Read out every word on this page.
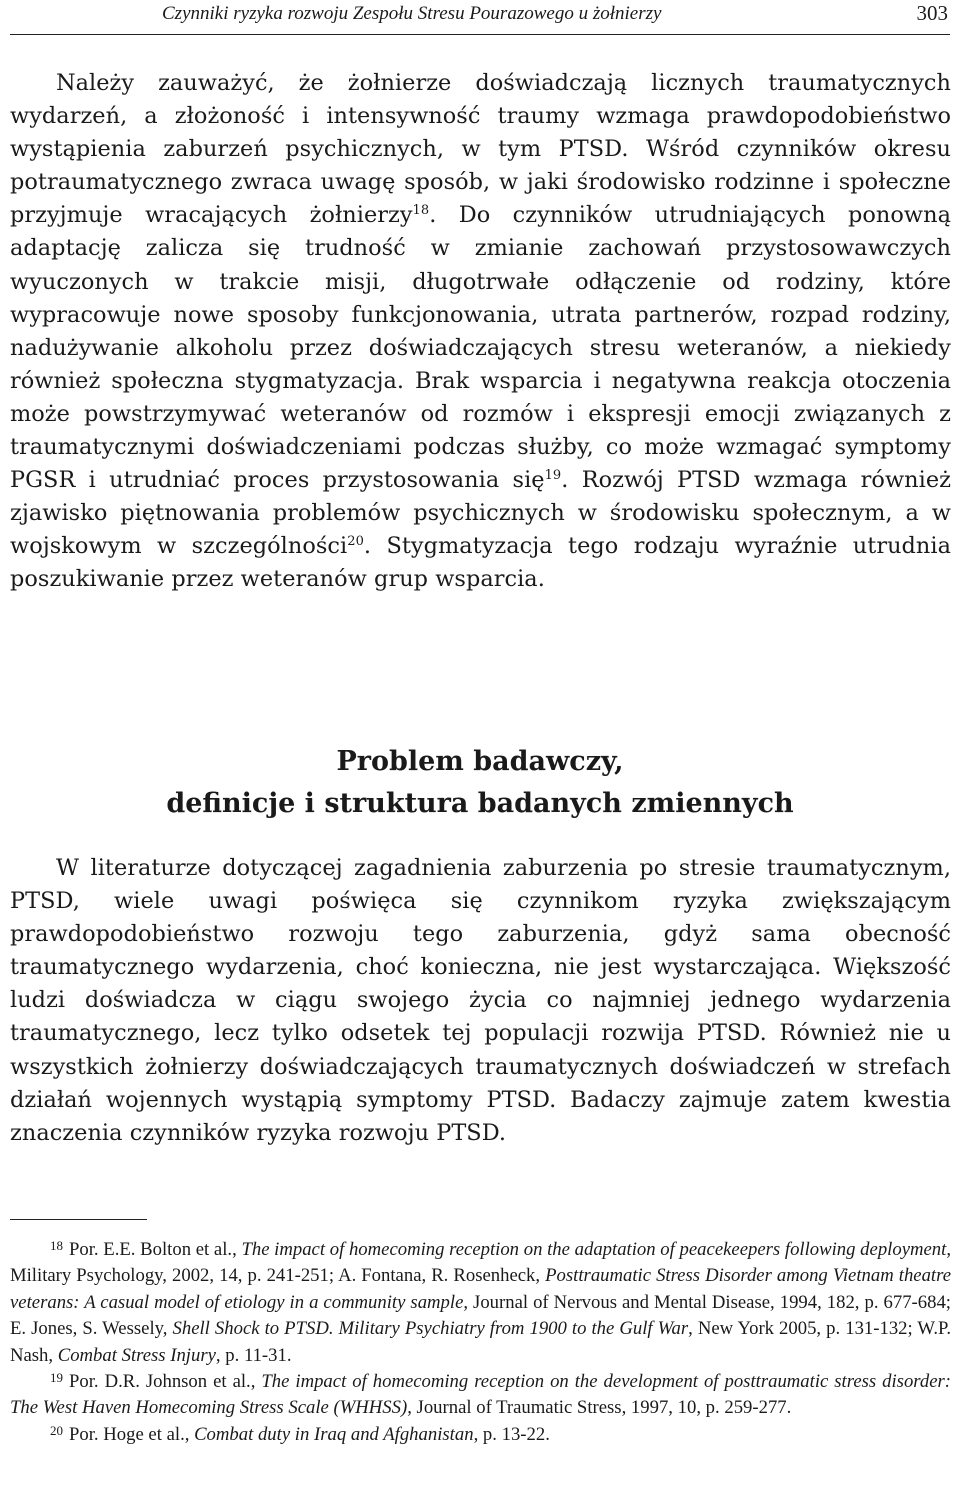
Czynniki ryzyka rozwoju Zespołu Stresu Pourazowego u żołnierzy	303

Należy zauważyć, że żołnierze doświadczają licznych traumatycznych wydarzeń, a złożoność i intensywność traumy wzmaga prawdopodobieństwo wystąpienia zaburzeń psychicznych, w tym PTSD. Wśród czynników okresu potraumatycznego zwraca uwagę sposób, w jaki środowisko rodzinne i społeczne przyjmuje wracających żołnierzy$^{18}$. Do czynników utrudniających ponowną adaptację zalicza się trudność w zmianie zachowań przystosowawczych wyuczonych w trakcie misji, długotrwałe odłączenie od rodziny, które wypracowuje nowe sposoby funkcjonowania, utrata partnerów, rozpad rodziny, nadużywanie alkoholu przez doświadczających stresu weteranów, a niekiedy również społeczna stygmatyzacja. Brak wsparcia i negatywna reakcja otoczenia może powstrzymywać weteranów od rozmów i ekspresji emocji związanych z traumatycznymi doświadczeniami podczas służby, co może wzmagać symptomy PGSR i utrudniać proces przystosowania się$^{19}$. Rozwój PTSD wzmaga również zjawisko piętnowania problemów psychicznych w środowisku społecznym, a w wojskowym w szczególności$^{20}$. Stygmatyzacja tego rodzaju wyraźnie utrudnia poszukiwanie przez weteranów grup wsparcia.

Problem badawczy,
definicje i struktura badanych zmiennych

W literaturze dotyczącej zagadnienia zaburzenia po stresie traumatycznym, PTSD, wiele uwagi poświęca się czynnikom ryzyka zwiększającym prawdopodobieństwo rozwoju tego zaburzenia, gdyż sama obecność traumatycznego wydarzenia, choć konieczna, nie jest wystarczająca. Większość ludzi doświadcza w ciągu swojego życia co najmniej jednego wydarzenia traumatycznego, lecz tylko odsetek tej populacji rozwija PTSD. Również nie u wszystkich żołnierzy doświadczających traumatycznych doświadczeń w strefach działań wojennych wystąpią symptomy PTSD. Badaczy zajmuje zatem kwestia znaczenia czynników ryzyka rozwoju PTSD.

18 Por. E.E. Bolton et al., The impact of homecoming reception on the adaptation of peacekeepers following deployment, Military Psychology, 2002, 14, p. 241-251; A. Fontana, R. Rosenheck, Posttraumatic Stress Disorder among Vietnam theatre veterans: A casual model of etiology in a community sample, Journal of Nervous and Mental Disease, 1994, 182, p. 677-684; E. Jones, S. Wessely, Shell Shock to PTSD. Military Psychiatry from 1900 to the Gulf War, New York 2005, p. 131-132; W.P. Nash, Combat Stress Injury, p. 11-31.

19 Por. D.R. Johnson et al., The impact of homecoming reception on the development of posttraumatic stress disorder: The West Haven Homecoming Stress Scale (WHHSS), Journal of Traumatic Stress, 1997, 10, p. 259-277.

20 Por. Hoge et al., Combat duty in Iraq and Afghanistan, p. 13-22.
